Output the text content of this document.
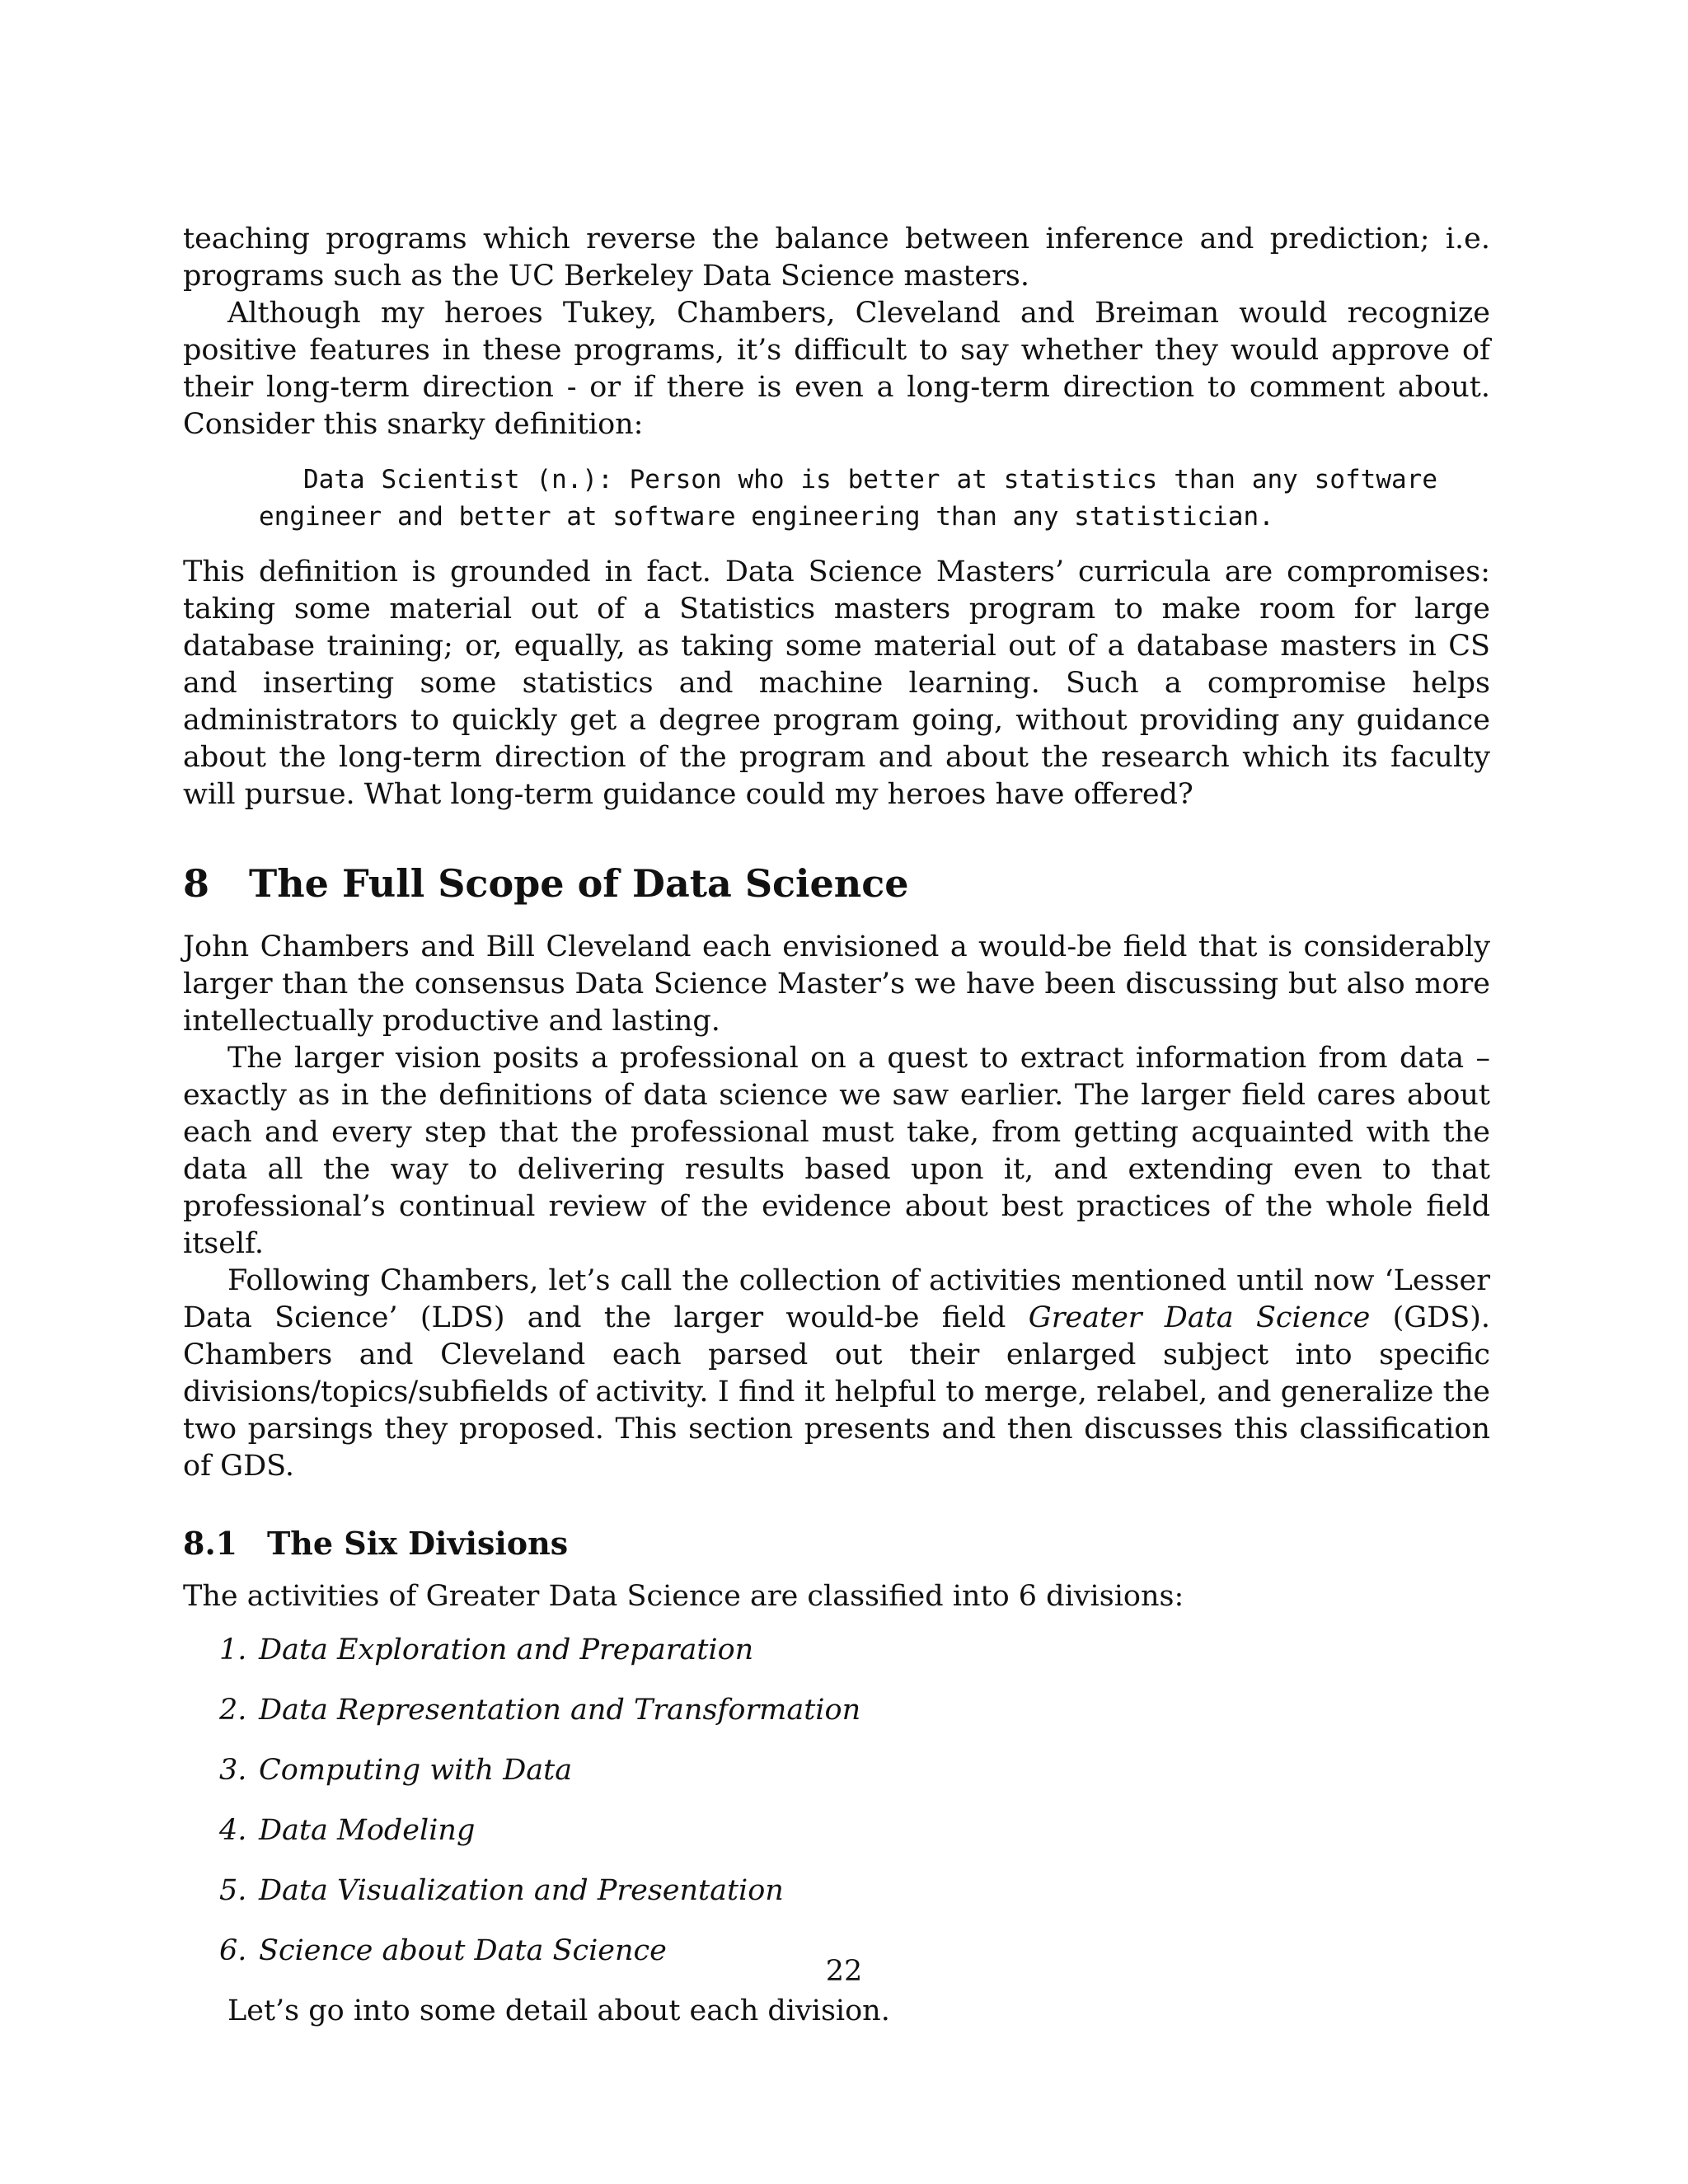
teaching programs which reverse the balance between inference and prediction; i.e. programs such as the UC Berkeley Data Science masters.

Although my heroes Tukey, Chambers, Cleveland and Breiman would recognize positive features in these programs, it’s difficult to say whether they would approve of their long-term direction - or if there is even a long-term direction to comment about. Consider this snarky definition:

Data Scientist (n.): Person who is better at statistics than any software engineer and better at software engineering than any statistician.

This definition is grounded in fact. Data Science Masters’ curricula are compromises: taking some material out of a Statistics masters program to make room for large database training; or, equally, as taking some material out of a database masters in CS and inserting some statistics and machine learning. Such a compromise helps administrators to quickly get a degree program going, without providing any guidance about the long-term direction of the program and about the research which its faculty will pursue. What long-term guidance could my heroes have offered?

8	The Full Scope of Data Science

John Chambers and Bill Cleveland each envisioned a would-be field that is considerably larger than the consensus Data Science Master’s we have been discussing but also more intellectually productive and lasting.

The larger vision posits a professional on a quest to extract information from data – exactly as in the definitions of data science we saw earlier. The larger field cares about each and every step that the professional must take, from getting acquainted with the data all the way to delivering results based upon it, and extending even to that professional’s continual review of the evidence about best practices of the whole field itself.

Following Chambers, let’s call the collection of activities mentioned until now ‘Lesser Data Science’ (LDS) and the larger would-be field Greater Data Science (GDS). Chambers and Cleveland each parsed out their enlarged subject into specific divisions/topics/subfields of activity. I find it helpful to merge, relabel, and generalize the two parsings they proposed. This section presents and then discusses this classification of GDS.

8.1 The Six Divisions

The activities of Greater Data Science are classified into 6 divisions:

1. Data Exploration and Preparation
2. Data Representation and Transformation
3. Computing with Data
4. Data Modeling
5. Data Visualization and Presentation
6. Science about Data Science

Let’s go into some detail about each division.

22
